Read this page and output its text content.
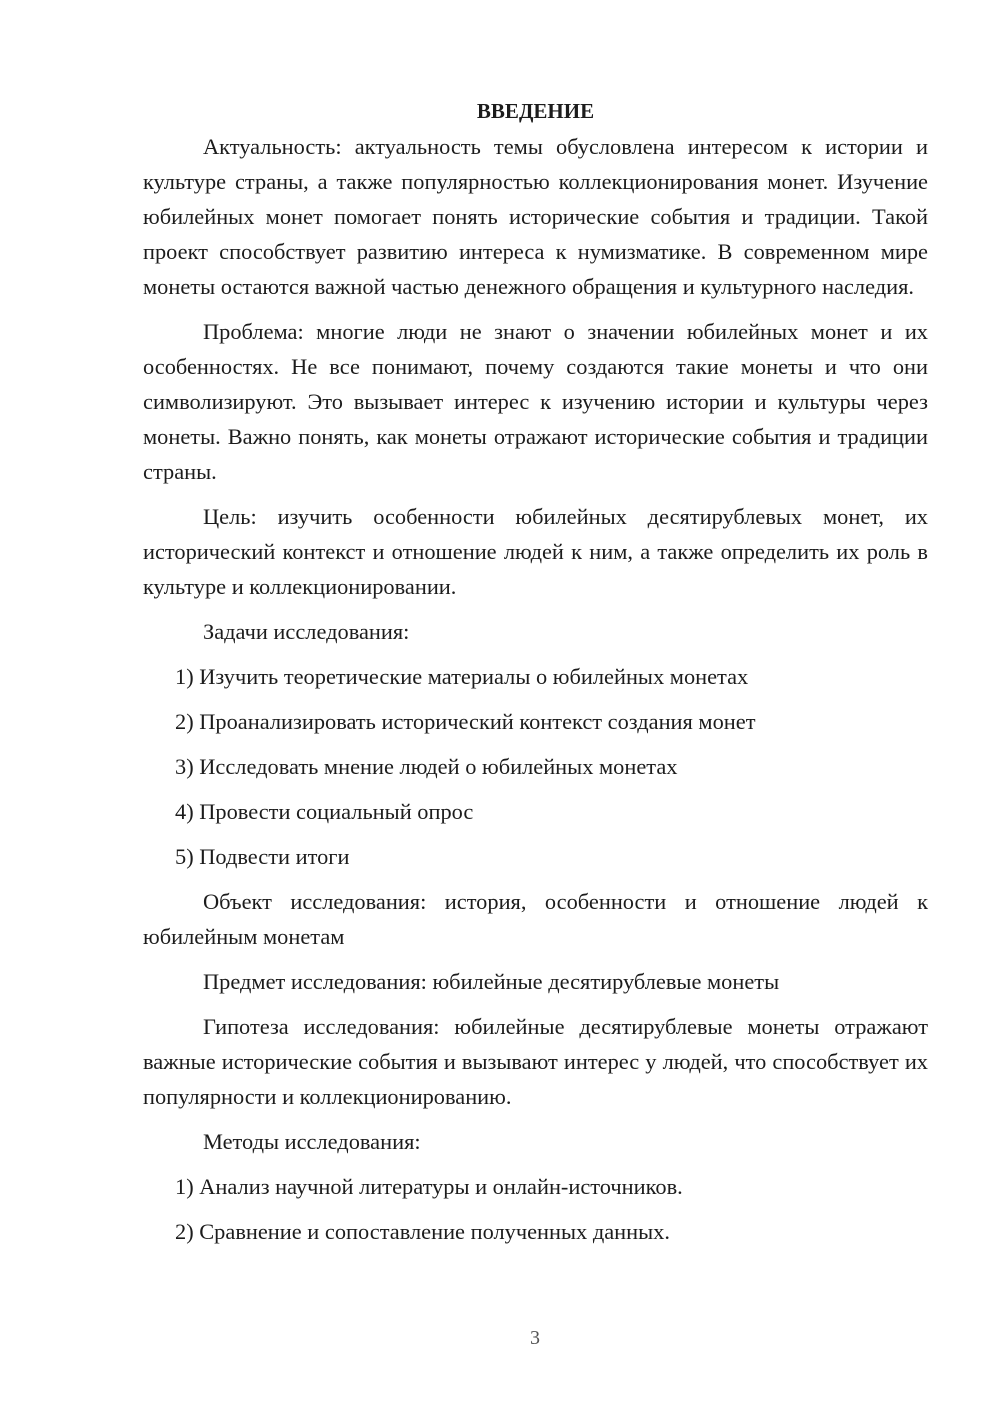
ВВЕДЕНИЕ

Актуальность: актуальность темы обусловлена интересом к истории и культуре страны, а также популярностью коллекционирования монет. Изучение юбилейных монет помогает понять исторические события и традиции. Такой проект способствует развитию интереса к нумизматике. В современном мире монеты остаются важной частью денежного обращения и культурного наследия.

Проблема: многие люди не знают о значении юбилейных монет и их особенностях. Не все понимают, почему создаются такие монеты и что они символизируют. Это вызывает интерес к изучению истории и культуры через монеты. Важно понять, как монеты отражают исторические события и традиции страны.

Цель: изучить особенности юбилейных десятирублевых монет, их исторический контекст и отношение людей к ним, а также определить их роль в культуре и коллекционировании.

Задачи исследования:
1) Изучить теоретические материалы о юбилейных монетах
2) Проанализировать исторический контекст создания монет
3) Исследовать мнение людей о юбилейных монетах
4) Провести социальный опрос
5) Подвести итоги

Объект исследования: история, особенности и отношение людей к юбилейным монетам

Предмет исследования: юбилейные десятирублевые монеты

Гипотеза исследования: юбилейные десятирублевые монеты отражают важные исторические события и вызывают интерес у людей, что способствует их популярности и коллекционированию.

Методы исследования:
1) Анализ научной литературы и онлайн-источников.
2) Сравнение и сопоставление полученных данных.
3
